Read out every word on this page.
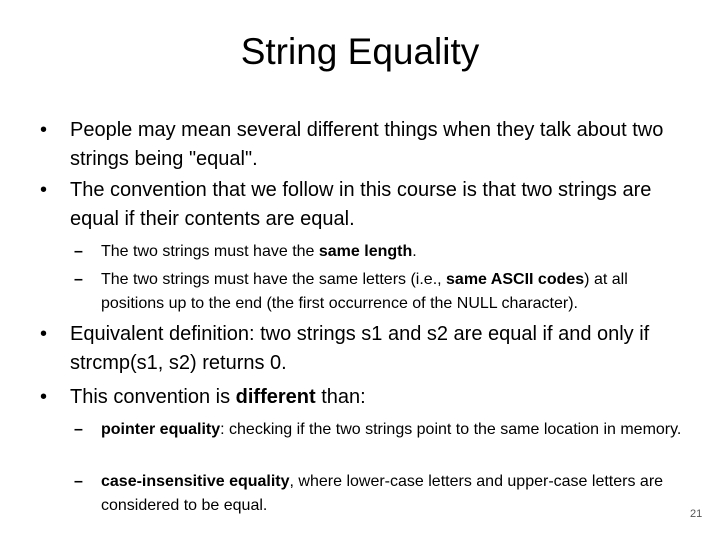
String Equality
• People may mean several different things when they talk about two strings being "equal".
• The convention that we follow in this course is that two strings are equal if their contents are equal.
– The two strings must have the same length.
– The two strings must have the same letters (i.e., same ASCII codes) at all positions up to the end (the first occurrence of the NULL character).
• Equivalent definition: two strings s1 and s2 are equal if and only if strcmp(s1, s2) returns 0.
• This convention is different than:
– pointer equality: checking if the two strings point to the same location in memory.
– case-insensitive equality, where lower-case letters and upper-case letters are considered to be equal.	21
